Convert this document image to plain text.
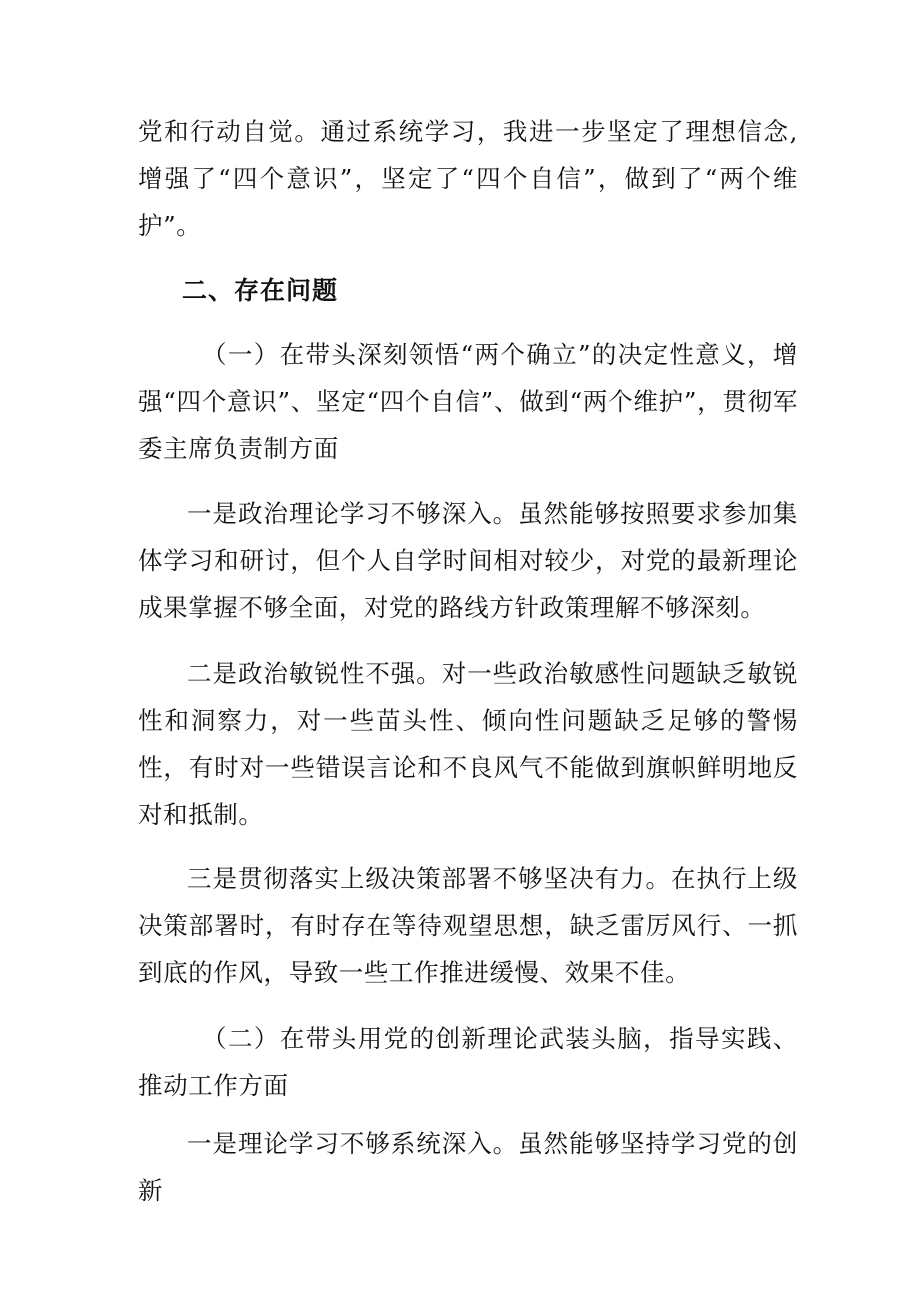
党和行动自觉。通过系统学习，我进一步坚定了理想信念,增强了“四个意识”，坚定了“四个自信”，做到了“两个维护”。

二、存在问题

（一）在带头深刻领悟“两个确立”的决定性意义，增强“四个意识”、坚定“四个自信”、做到“两个维护”，贯彻军委主席负责制方面

一是政治理论学习不够深入。虽然能够按照要求参加集体学习和研讨，但个人自学时间相对较少，对党的最新理论成果掌握不够全面，对党的路线方针政策理解不够深刻。

二是政治敏锐性不强。对一些政治敏感性问题缺乏敏锐性和洞察力，对一些苗头性、倾向性问题缺乏足够的警惕性，有时对一些错误言论和不良风气不能做到旗帜鲜明地反对和抵制。

三是贯彻落实上级决策部署不够坚决有力。在执行上级决策部署时，有时存在等待观望思想，缺乏雷厉风行、一抓到底的作风，导致一些工作推进缓慢、效果不佳。

（二）在带头用党的创新理论武装头脑，指导实践、推动工作方面

一是理论学习不够系统深入。虽然能够坚持学习党的创新
